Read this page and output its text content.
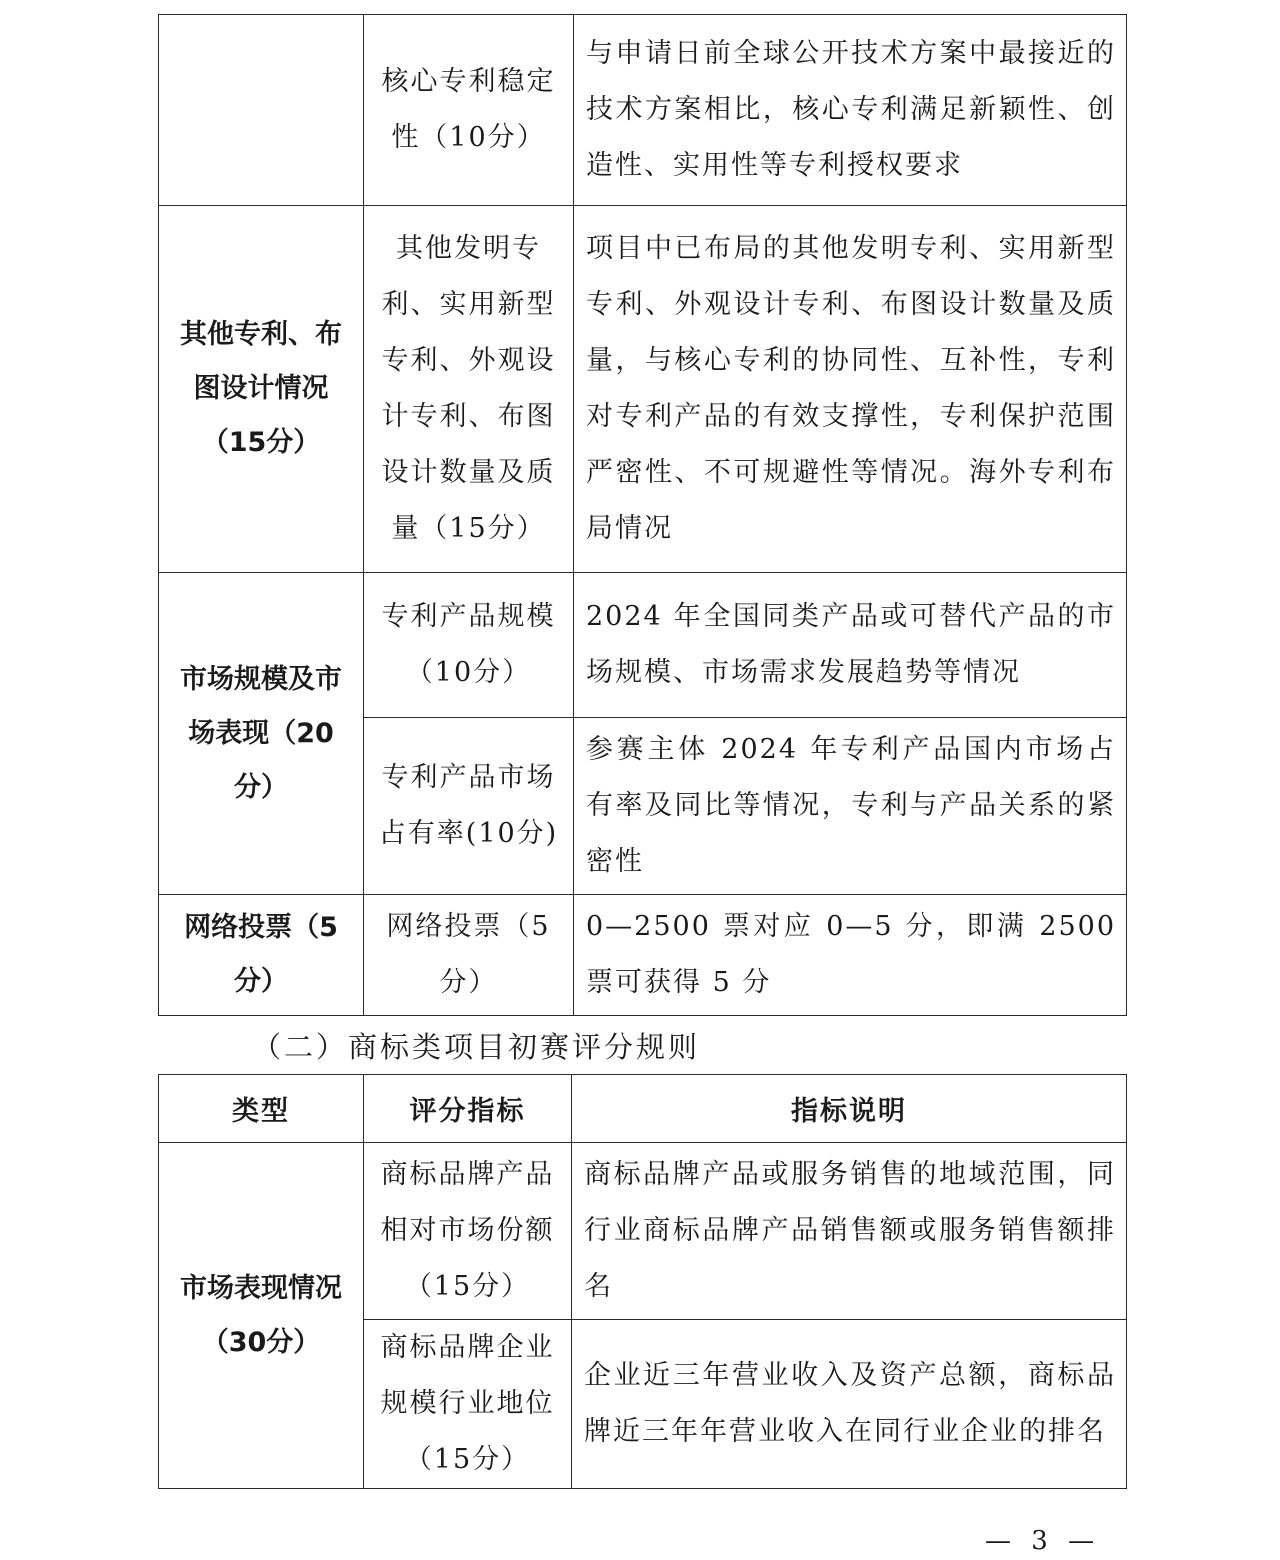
	核心专利稳定性（10分）	与申请日前全球公开技术方案中最接近的技术方案相比，核心专利满足新颖性、创造性、实用性等专利授权要求

其他专利、布图设计情况（15分）	其他发明专利、实用新型专利、外观设计专利、布图设计数量及质量（15分）	项目中已布局的其他发明专利、实用新型专利、外观设计专利、布图设计数量及质量，与核心专利的协同性、互补性，专利对专利产品的有效支撑性，专利保护范围严密性、不可规避性等情况。海外专利布局情况

市场规模及市场表现（20分）	专利产品规模（10分）	2024 年全国同类产品或可替代产品的市场规模、市场需求发展趋势等情况

	专利产品市场占有率(10分)	参赛主体 2024 年专利产品国内市场占有率及同比等情况，专利与产品关系的紧密性

网络投票（5分）	网络投票（5分）	0—2500 票对应 0—5 分，即满 2500 票可获得 5 分
（二）商标类项目初赛评分规则
类型	评分指标	指标说明

市场表现情况（30分）	商标品牌产品相对市场份额（15分）	商标品牌产品或服务销售的地域范围，同行业商标品牌产品销售额或服务销售额排名

	商标品牌企业规模行业地位（15分）	企业近三年营业收入及资产总额，商标品牌近三年年营业收入在同行业企业的排名
— 3 —
